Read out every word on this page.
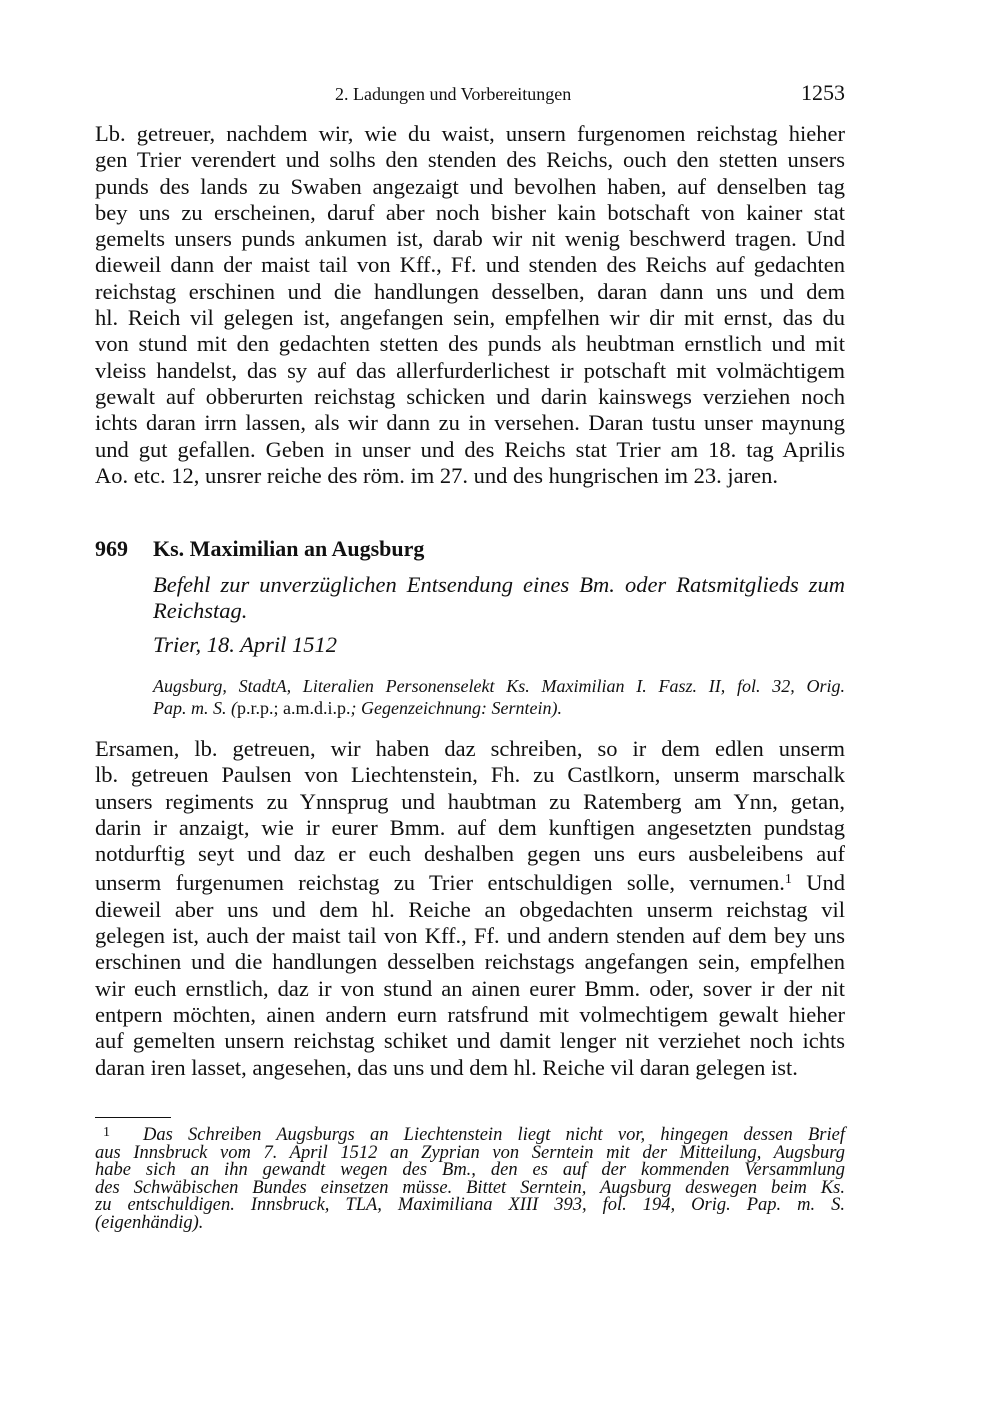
2. Ladungen und Vorbereitungen	1253
Lb. getreuer, nachdem wir, wie du waist, unsern furgenomen reichstag hieher
gen Trier verendert und solhs den stenden des Reichs, ouch den stetten unsers
punds des lands zu Swaben angezaigt und bevolhen haben, auf denselben tag
bey uns zu erscheinen, daruf aber noch bisher kain botschaft von kainer stat
gemelts unsers punds ankumen ist, darab wir nit wenig beschwerd tragen. Und
dieweil dann der maist tail von Kff., Ff. und stenden des Reichs auf gedachten
reichstag erschinen und die handlungen desselben, daran dann uns und dem
hl. Reich vil gelegen ist, angefangen sein, empfelhen wir dir mit ernst, das du
von stund mit den gedachten stetten des punds als heubtman ernstlich und mit
vleiss handelst, das sy auf das allerfurderlichest ir potschaft mit volmächtigem
gewalt auf obberurten reichstag schicken und darin kainswegs verziehen noch
ichts daran irrn lassen, als wir dann zu in versehen. Daran tustu unser maynung
und gut gefallen. Geben in unser und des Reichs stat Trier am 18. tag Aprilis
Ao. etc. 12, unsrer reiche des röm. im 27. und des hungrischen im 23. jaren.
969 Ks. Maximilian an Augsburg
Befehl zur unverzüglichen Entsendung eines Bm. oder Ratsmitglieds zum
Reichstag.
Trier, 18. April 1512
Augsburg, StadtA, Literalien Personenselekt Ks. Maximilian I. Fasz. II, fol. 32, Orig.
Pap. m. S. (p.r.p.; a.m.d.i.p.; Gegenzeichnung: Serntein).
Ersamen, lb. getreuen, wir haben daz schreiben, so ir dem edlen unserm
lb. getreuen Paulsen von Liechtenstein, Fh. zu Castlkorn, unserm marschalk
unsers regiments zu Ynnsprug und haubtman zu Ratemberg am Ynn, getan,
darin ir anzaigt, wie ir eurer Bmm. auf dem kunftigen angesetzten pundstag
notdurftig seyt und daz er euch deshalben gegen uns eurs ausbeleibens auf
unserm furgenumen reichstag zu Trier entschuldigen solle, vernumen.$^1$ Und
dieweil aber uns und dem hl. Reiche an obgedachten unserm reichstag vil
gelegen ist, auch der maist tail von Kff., Ff. und andern stenden auf dem bey uns
erschinen und die handlungen desselben reichstags angefangen sein, empfelhen
wir euch ernstlich, daz ir von stund an ainen eurer Bmm. oder, sover ir der nit
entpern möchten, ainen andern eurn ratsfrund mit volmechtigem gewalt hieher
auf gemelten unsern reichstag schiket und damit lenger nit verziehet noch ichts
daran iren lasset, angesehen, das uns und dem hl. Reiche vil daran gelegen ist.
1 Das Schreiben Augsburgs an Liechtenstein liegt nicht vor, hingegen dessen Brief
aus Innsbruck vom 7. April 1512 an Zyprian von Serntein mit der Mitteilung, Augsburg
habe sich an ihn gewandt wegen des Bm., den es auf der kommenden Versammlung
des Schwäbischen Bundes einsetzen müsse. Bittet Serntein, Augsburg deswegen beim Ks.
zu entschuldigen. Innsbruck, TLA, Maximiliana XIII 393, fol. 194, Orig. Pap. m. S.
(eigenhändig).
